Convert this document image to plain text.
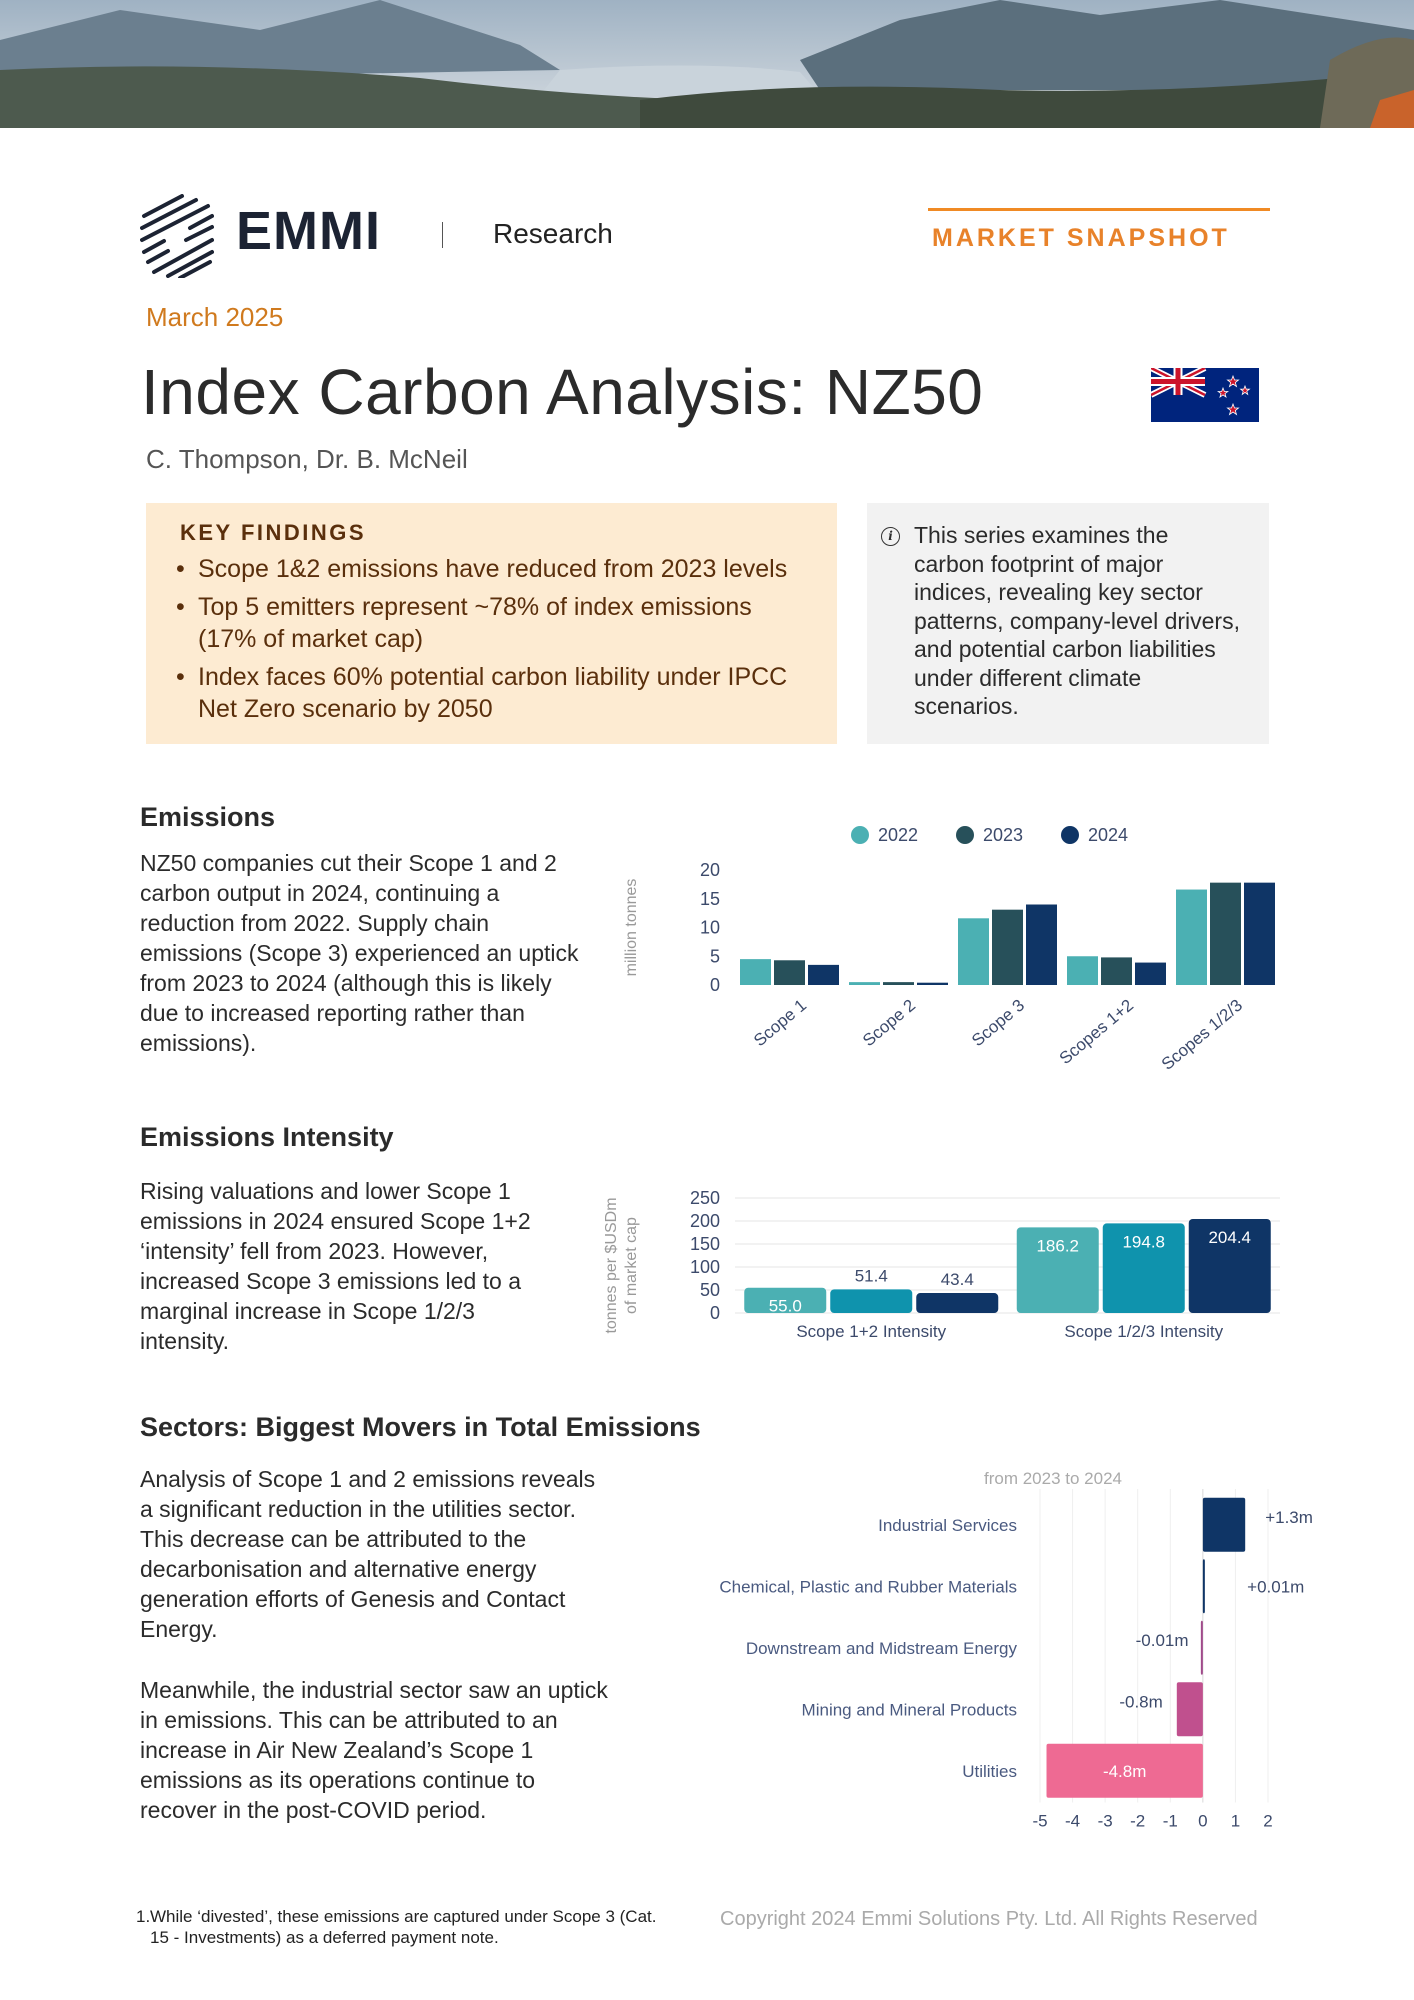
EMMI	Research	MARKET SNAPSHOT
March 2025
Index Carbon Analysis: NZ50
C. Thompson, Dr. B. McNeil
KEY FINDINGS
• Scope 1&2 emissions have reduced from 2023 levels
• Top 5 emitters represent ~78% of index emissions (17% of market cap)
• Index faces 60% potential carbon liability under IPCC Net Zero scenario by 2050
i This series examines the carbon footprint of major indices, revealing key sector patterns, company-level drivers, and potential carbon liabilities under different climate scenarios.
Emissions
NZ50 companies cut their Scope 1 and 2 carbon output in 2024, continuing a reduction from 2022. Supply chain emissions (Scope 3) experienced an uptick from 2023 to 2024 (although this is likely due to increased reporting rather than emissions).
2022	2023	2024
0
5
10
15
20
million tonnes
Scope 1	Scope 2	Scope 3 Scopes 1+2 Scopes 1/2/3
Emissions Intensity
Rising valuations and lower Scope 1 emissions in 2024 ensured Scope 1+2 ‘intensity’ fell from 2023. However, increased Scope 3 emissions led to a marginal increase in Scope 1/2/3 intensity.
0
50
100
150
200
250
tonnes per $USDm of market cap	55.0
51.4	43.4
Scope 1+2 Intensity
186.2	194.8	204.4
Scope 1/2/3 Intensity
Sectors: Biggest Movers in Total Emissions
Analysis of Scope 1 and 2 emissions reveals a significant reduction in the utilities sector. This decrease can be attributed to the decarbonisation and alternative energy generation efforts of Genesis and Contact Energy.
Meanwhile, the industrial sector saw an uptick in emissions. This can be attributed to an increase in Air New Zealand’s Scope 1 emissions as its operations continue to recover in the post-COVID period.
from 2023 to 2024
-5 -4 -3 -2 -1 0 1 2
Industrial Services	+1.3m
Chemical, Plastic and Rubber Materials	+0.01m
Downstream and Midstream Energy	-0.01m
Mining and Mineral Products	-0.8m
Utilities	-4.8m
1. While ‘divested’, these emissions are captured under Scope 3 (Cat. 15 - Investments) as a deferred payment note.
Copyright 2024 Emmi Solutions Pty. Ltd. All Rights Reserved
